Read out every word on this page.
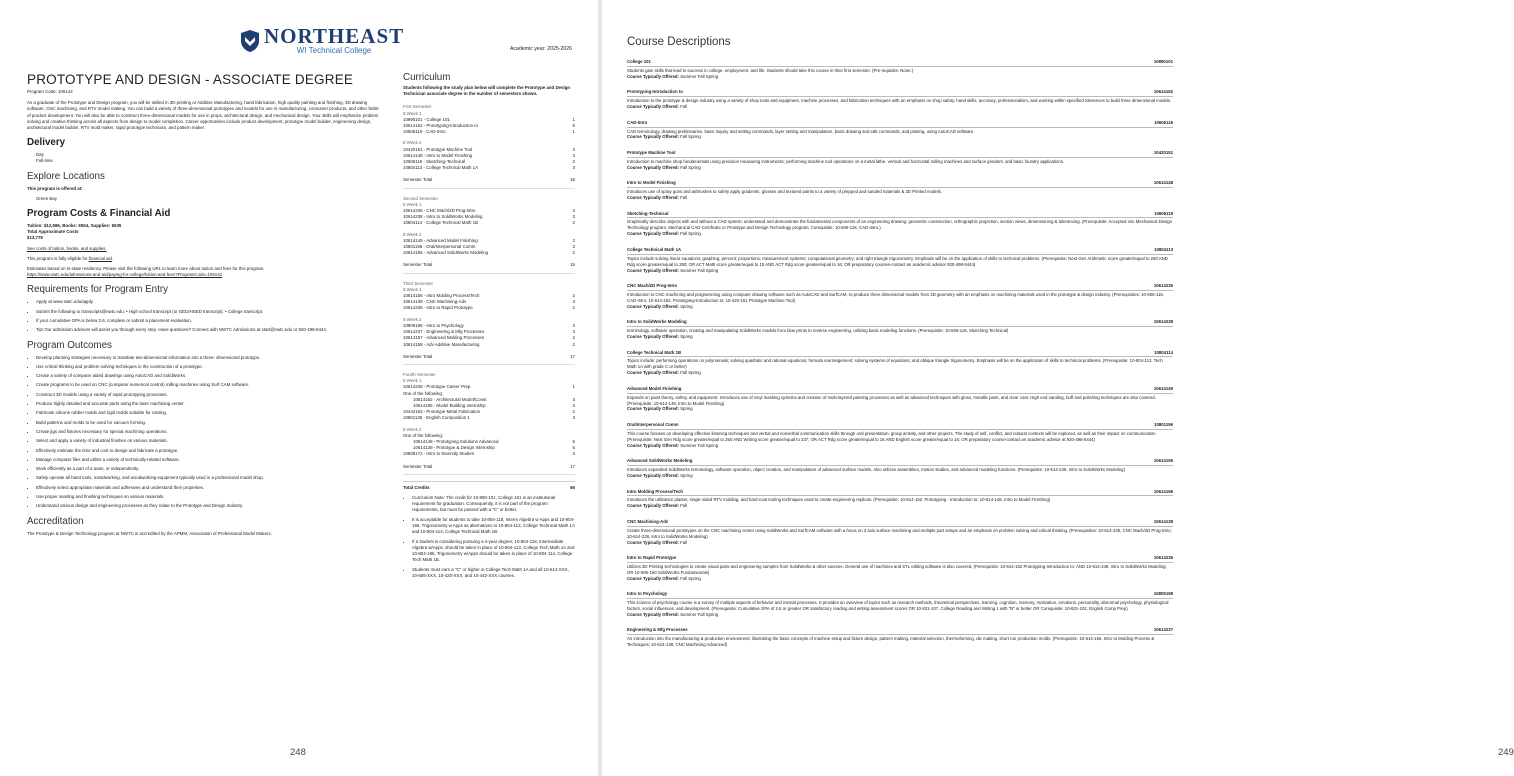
NORTHEAST
WI Technical College	Academic year: 2025-2026
PROTOTYPE AND DESIGN - ASSOCIATE DEGREE
Program Code: 106142

As a graduate of the Prototype and Design program, you will be skilled in 3D printing or Additive Manufacturing, hand fabrication, high quality painting and finishing, 3D drawing software, CNC machining, and RTV model making. You can build a variety of three-dimensional prototypes and models for use in manufacturing, consumer products, and other fields of product development. You will also be able to construct three-dimensional models for use in props, architectural design, and mechanical design. Your skills will emphasize problem solving and creative thinking across all aspects from design to model completion. Career opportunities include product development, prototype model builder, engineering design, architectural model builder, RTV mold maker, rapid prototype technician, and pattern maker.

Delivery
Day
Full-time
Explore Locations
This program is offered at:
Green Bay
Program Costs & Financial Aid
Tuition: $12,686, Books: $554, Supplies: $535
Total Approximate Costs
$13,775
See costs of tuition, books, and supplies.
This program is fully eligible for financial aid.
Estimates based on in-state residency. Please visit the following URL to learn more about tuition and fees for this program.
https://www.nwtc.edu/admissions-and-aid/paying-for-college/tuition-and-fees?ProgramCode=106142
Requirements for Program Entry
• Apply at www.nwtc.edu/apply.
• Submit the following to transcripts@nwtc.edu: • High school transcript (or GED/HSED transcript). • College transcript.
• If your cumulative GPA is below 2.6, complete or submit a placement evaluation.
• Tip! Our admission advisors will assist you through every step. Have questions? Connect with NWTC Admissions at start@nwtc.edu or 920-498-5444.
Program Outcomes
• Develop planning strategies necessary to translate two-dimensional information into a three- dimensional prototype.
• Use critical thinking and problem solving techniques in the construction of a prototype.
• Create a variety of computer aided drawings using AutoCAD and SolidWorks.
• Create programs to be used on CNC (computer numerical control) milling machines using Surf CAM software.
• Construct 3D models using a variety of rapid prototyping processes.
• Produce highly detailed and accurate parts using the laser machining center.
• Fabricate silicone rubber molds and rigid molds suitable for casting.
• Build patterns and molds to be used for vacuum forming.
• Create jigs and fixtures necessary for special machining operations.
• Select and apply a variety of industrial finishes on various materials.
• Effectively estimate the time and cost to design and fabricate a prototype.
• Manage computer files and utilize a variety of technically-related software.
• Work efficiently as a part of a team, or independently.
• Safely operate all hand tools, metalworking, and woodworking equipment typically used in a professional model shop.
• Effectively select appropriate materials and adhesives and understand their properties.
• Use proper sanding and finishing techniques on various materials.
• Understand various design and engineering processes as they relate to the Prototype and Design Industry.
Accreditation
The Prototype & Design Technology program at NWTC is accredited by the APMM, Association of Professional Model Makers.
Curriculum
Students following the study plan below will complete the Prototype and Design Technician associate degree in the number of semesters shown.
First Semester
8 Week 1
10890101 - College 101	1
10614152 - Prototyping-Introduction to	5
10606116 - CAD-Intro	1
8 Week 2
10420151 - Prototype Machine Tool	3
10614148 - Intro to Model Finishing	3
10606119 - Sketching-Technical	2
10804113 - College Technical Math 1A	3
Semester Total	18
Second Semester
8 Week 1
10614235 - CNC Mach/2D Prog-Intro	3
10614238 - Intro to SolidWorks Modeling	3
10804114 - College Technical Math 1B	2
8 Week 2
10614149 - Advanced Model Finishing	2
10801196 - Oral/Interpersonal Comm	3
10614155 - Advanced SolidWorks Modeling	2
Semester Total	15
Third Semester
8 Week 1
10614156 - Intro Molding Process/Tech	2
10614138 - CNC Machining-Adv	3
10614236 - Intro to Rapid Prototype	2
8 Week 2
10809198 - Intro to Psychology	3
10614237 - Engineering & Mfg Processes	3
10614157 - Advanced Molding Processes	2
10614158 - Adv Additive Manufacturing	2
Semester Total	17
Fourth Semester
8 Week 1
10614239 - Prototype Career Prep	1
One of the following:
10614162 - Architectural Model/Const	3
10614195 - Model Building Internship	3
10442153 - Prototype Metal Fabrication	2
10801136 - English Composition 1	3
8 Week 2
One of the following:
10614148 - Prototyping Solutions Advanced	5
10614139 - Prototype & Design Internship	5
10809172 - Intro to Diversity Studies	3
Semester Total	17
Total Credits	65
• Curriculum Note: The credit for 10-890-101, College 101 is an institutional requirement for graduation. Consequently, it is not part of the program requirements, but must be passed with a "C" or better.
• It is acceptable for students to take 10-804-118, Interm Algebra w Apps and 10-804-196, Trigonometry w Apps as alternatives to 10-804-113, College Technical Math 1A and 10-804-114, College Technical Math 1B.
• If a student is considering pursuing a 4-year degree, 10-804-118, Intermediate Algebra w/Apps, should be taken in place of 10-804-113, College Tech Math 1A and 10-804-196, Trigonometry w/Apps should be taken in place of 10-804-114, College Tech Math 1B.
• Students must earn a "C" or higher in College Tech Math 1A and all 10-614-XXX, 10-606-XXX, 10-420-XXX, and 10-442-XXX courses.
248
Course Descriptions
College 101	10890101
Students gain skills that lead to success in college, employment, and life. Students should take this course in their first semester. (Pre-requisite: None.)
Course Typically Offered: Summer Fall Spring
Prototyping-Introduction to	10614152
Introduction to the prototype & design industry using a variety of shop tools and equipment, machine processes, and fabrication techniques with an emphasis on shop safety, hand skills, accuracy, professionalism, and working within specified tolerances to build three dimensional models.
Course Typically Offered: Fall
CAD-Intro	10606116
CAD terminology, drawing preliminaries, basic inquiry and setting commands, layer setting and manipulation, basic drawing and edit commands, and plotting, using AutoCAD software.
Course Typically Offered: Fall Spring
Prototype Machine Tool	10420151
Introduction to machine shop fundamentals using precision measuring instruments; performing machine tool operations on a metal lathe, vertical and horizontal milling machines and surface grinders; and basic foundry applications.
Course Typically Offered: Fall Spring
Intro to Model Finishing	10614148
Introduces use of spray guns and airbrushes to safely apply gradients, glosses and textured paints to a variety of prepped and sanded materials & 3D Printed models.
Course Typically Offered: Fall
Sketching-Technical	10606119
Graphically describe objects with and without a CAD system; understand and demonstrate the fundamental components of an engineering drawing: geometric construction, orthographic projection, section views, dimensioning & tolerancing. (Prerequisite: Accepted into Mechanical Design Technology program, Mechanical CAD Certificate or Prototype and Design Technology program; Corequisite: 10-606-116, CAD-Intro.)
Course Typically Offered: Fall Spring
College Technical Math 1A	10804113
Topics include solving linear equations; graphing; percent; proportions; measurement systems; computational geometry; and right triangle trigonometry. Emphasis will be on the application of skills to technical problems. (Prerequisite: Next Gen Arithmetic score greater/equal to 250 AND Rdg score greater/equal to 250; OR ACT Math score greater/equal to 15 AND ACT Rdg score greater/equal to 16; OR preparatory courses-contact an academic advisor 920-498-5444)
Course Typically Offered: Summer Fall Spring
CNC Mach/2D Prog-Intro	10614235
Introduction to CNC machining and programming using computer drawing software such as AutoCAD and SurfCAM, to produce three dimensional models from 2D geometry with an emphasis on machining materials used in the prototype & design industry. (Prerequisites: 10-606-116, CAD-Intro; 10-614-152, Prototyping-Introduction to; 10-420-151 Prototype Machine Tool)
Course Typically Offered: Spring
Intro to SolidWorks Modeling	10614238
terminology, software operation, creating and manipulating SolidWorks models from blue prints to reverse engineering, utilizing basic modeling functions. (Prerequisite: 10-606-119, Sketching Technical)
Course Typically Offered: Spring
College Technical Math 1B	10804114
Topics include: performing operations on polynomials; solving quadratic and rational equations; formula rearrangement; solving systems of equations; and oblique triangle trigonometry. Emphasis will be on the application of skills to technical problems. (Prerequisite: 10-804-113, Tech Math 1A with grade C or better)
Course Typically Offered: Fall Spring
Advanced Model Finishing	10614149
Expands on paint theory, safety, and equipment. Introduces use of vinyl masking systems and creation of multi-layered painting processes as well as advanced techniques with gloss, metallic paint, and clear coat. High end sanding, buff and polishing techniques are also covered. (Prerequisite: 10-614-148, Intro to Model Finishing)
Course Typically Offered: Spring
Oral/Interpersonal Comm	10801196
This course focuses on developing effective listening techniques and verbal and nonverbal communication skills through oral presentation, group activity, and other projects. The study of self, conflict, and cultural contexts will be explored, as well as their impact on communication. (Prerequisite: Next Gen Rdg score greater/equal to 250 AND Writing score greater/equal to 237; OR ACT Rdg score greater/equal to 16 AND English score greater/equal to 16; OR preparatory course-contact an academic advisor at 920-498-5444)
Course Typically Offered: Summer Fall Spring
Advanced SolidWorks Modeling	10614155
Introduces expanded SolidWorks terminology, software operation, object creation, and manipulation of advanced surface models. Also utilizes assemblies, motion studies, and advanced modeling functions. (Prerequisite: 10-614-238, Intro to SolidWorks Modeling)
Course Typically Offered: Spring
Intro Molding Process/Tech	10614156
Introduces the utilization plaster, single sided RTV molding, and hard-coat tooling techniques used to create engineering replicas. (Prerequisite: 10-614-152, Prototyping - Introduction to; 10-614-148, Intro to Model Finishing)
Course Typically Offered: Fall
CNC Machining-Adv	10614138
Create three-dimensional prototypes on the CNC machining center using SolidWorks and SurfCAM software with a focus on 3 axis surface machining and multiple part setups and an emphasis on problem solving and critical thinking. (Prerequisites: 10-614-235, CNC Mach/2D Prog-Intro; 10-614-238, Intro to SolidWorks Modeling)
Course Typically Offered: Fall
Intro to Rapid Prototype	10614236
Utilizes 3D Printing technologies to create visual parts and engineering samples from SolidWorks & other sources. General use of machines and STL editing software is also covered. (Prerequisite: 10-614-152 Prototyping-Introduction to; AND 10-614-238, Intro to SolidWorks Modeling; OR 10-606-160 SolidWorks Fundamentals)
Course Typically Offered: Fall Spring
Intro to Psychology	10809198
This science of psychology course is a survey of multiple aspects of behavior and mental processes. It provides an overview of topics such as research methods, theoretical perspectives, learning, cognition, memory, motivation, emotions, personality, abnormal psychology, physiological factors, social influences, and development. (Prerequisite: Cumulative GPA of 2.6 or greater OR satisfactory reading and writing assessment scores OR 10-831-107, College Reading and Writing 1 with "B" or better OR Corequisite: 10-831-102, English Comp Prep)
Course Typically Offered: Summer Fall Spring
Engineering & Mfg Processes	10614237
An introduction into the manufacturing & production environment; illustrating the basic concepts of machine setup and fixture design, pattern making, material selection, thermoforming, die making, short run production molds. (Prerequisite: 10-614-156, Intro to Molding Process & Techniques; 10-614-138, CNC Machining Advanced)
249
